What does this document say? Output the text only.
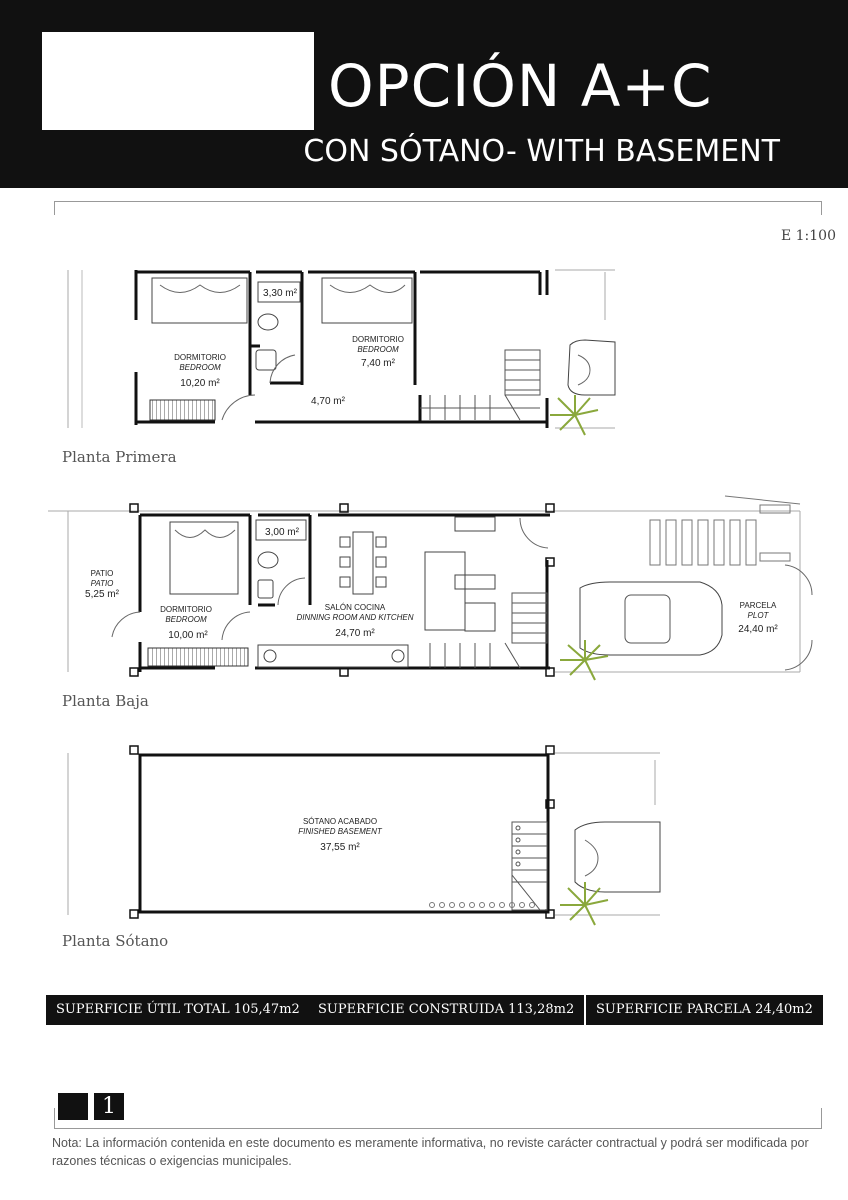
OPCIÓN A+C
CON SÓTANO- WITH BASEMENT
E 1:100
DORMITORIO
BEDROOM
10,20 m²
3,30 m²
DORMITORIO
BEDROOM
7,40 m²
4,70 m²
PATIO
PATIO
5,25 m²
DORMITORIO
BEDROOM
10,00 m²
3,00 m²
SALÓN COCINA
DINNING ROOM AND KITCHEN
24,70 m²
PARCELA
PLOT
24,40 m²
SÓTANO ACABADO
FINISHED BASEMENT
37,55 m²
Planta Primera
Planta Baja
Planta Sótano
SUPERFICIE ÚTIL TOTAL 105,47m2	SUPERFICIE CONSTRUIDA 113,28m2	SUPERFICIE PARCELA 24,40m2
1
Nota: La información contenida en este documento es meramente informativa, no reviste carácter contractual y podrá ser modificada por razones técnicas o exigencias municipales.
